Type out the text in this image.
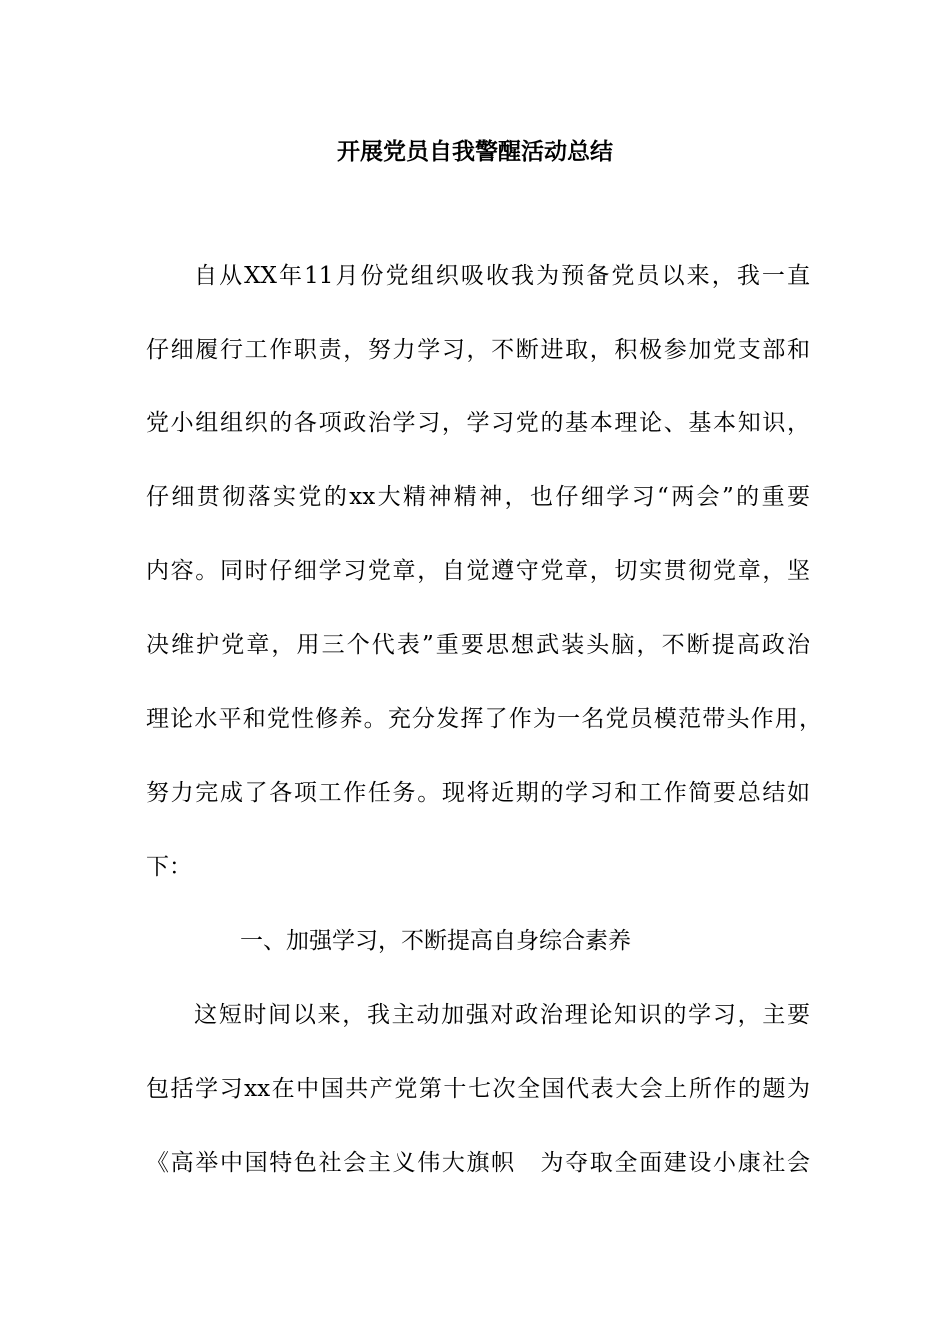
开展党员自我警醒活动总结
自从XX年11月份党组织吸收我为预备党员以来，我一直
仔细履行工作职责，努力学习，不断进取，积极参加党支部和
党小组组织的各项政治学习，学习党的基本理论、基本知识，
仔细贯彻落实党的xx大精神精神，也仔细学习“两会”的重要
内容。同时仔细学习党章，自觉遵守党章，切实贯彻党章，坚
决维护党章，用三个代表”重要思想武装头脑，不断提高政治
理论水平和党性修养。充分发挥了作为一名党员模范带头作用，
努力完成了各项工作任务。现将近期的学习和工作简要总结如
下：
一、加强学习，不断提高自身综合素养
这短时间以来，我主动加强对政治理论知识的学习，主要
包括学习xx在中国共产党第十七次全国代表大会上所作的题为
《高举中国特色社会主义伟大旗帜　为夺取全面建设小康社会
